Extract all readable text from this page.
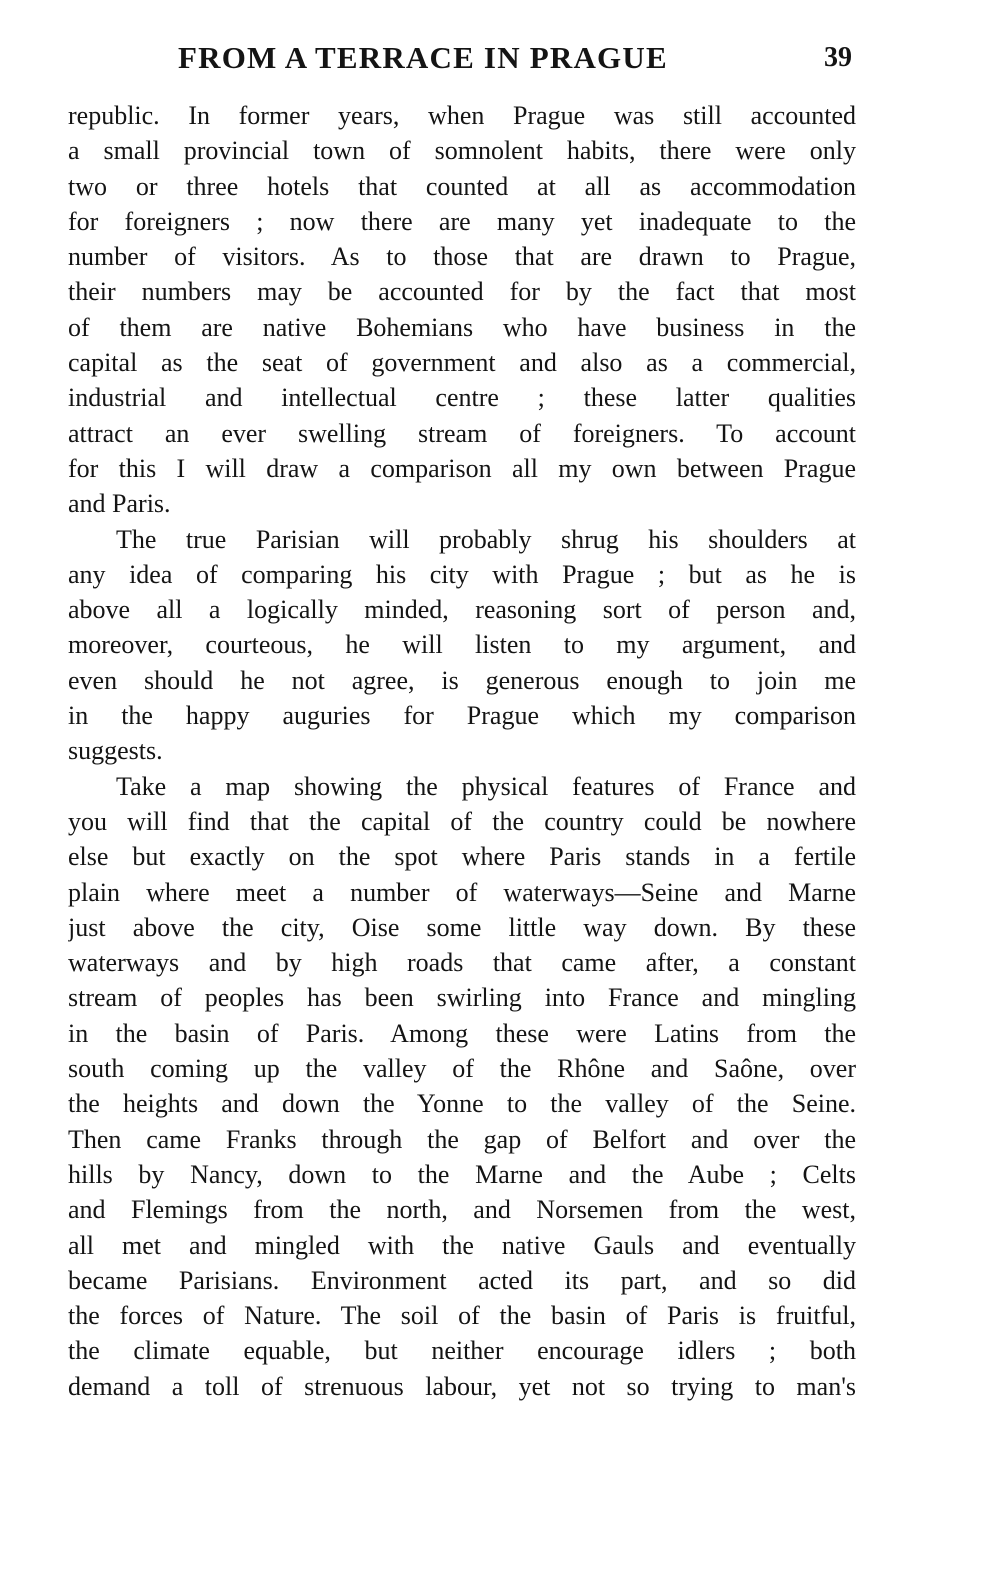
FROM A TERRACE IN PRAGUE	39
republic. In former years, when Prague was still accounted
a small provincial town of somnolent habits, there were only
two or three hotels that counted at all as accommodation
for foreigners ; now there are many yet inadequate to the
number of visitors. As to those that are drawn to Prague,
their numbers may be accounted for by the fact that most
of them are native Bohemians who have business in the
capital as the seat of government and also as a commercial,
industrial and intellectual centre ; these latter qualities
attract an ever swelling stream of foreigners. To account
for this I will draw a comparison all my own between Prague
and Paris.
The true Parisian will probably shrug his shoulders at
any idea of comparing his city with Prague ; but as he is
above all a logically minded, reasoning sort of person and,
moreover, courteous, he will listen to my argument, and
even should he not agree, is generous enough to join me
in the happy auguries for Prague which my comparison
suggests.
Take a map showing the physical features of France and
you will find that the capital of the country could be nowhere
else but exactly on the spot where Paris stands in a fertile
plain where meet a number of waterways—Seine and Marne
just above the city, Oise some little way down. By these
waterways and by high roads that came after, a constant
stream of peoples has been swirling into France and mingling
in the basin of Paris. Among these were Latins from the
south coming up the valley of the Rhône and Saône, over
the heights and down the Yonne to the valley of the Seine.
Then came Franks through the gap of Belfort and over the
hills by Nancy, down to the Marne and the Aube ; Celts
and Flemings from the north, and Norsemen from the west,
all met and mingled with the native Gauls and eventually
became Parisians. Environment acted its part, and so did
the forces of Nature. The soil of the basin of Paris is fruitful,
the climate equable, but neither encourage idlers ; both
demand a toll of strenuous labour, yet not so trying to man's
